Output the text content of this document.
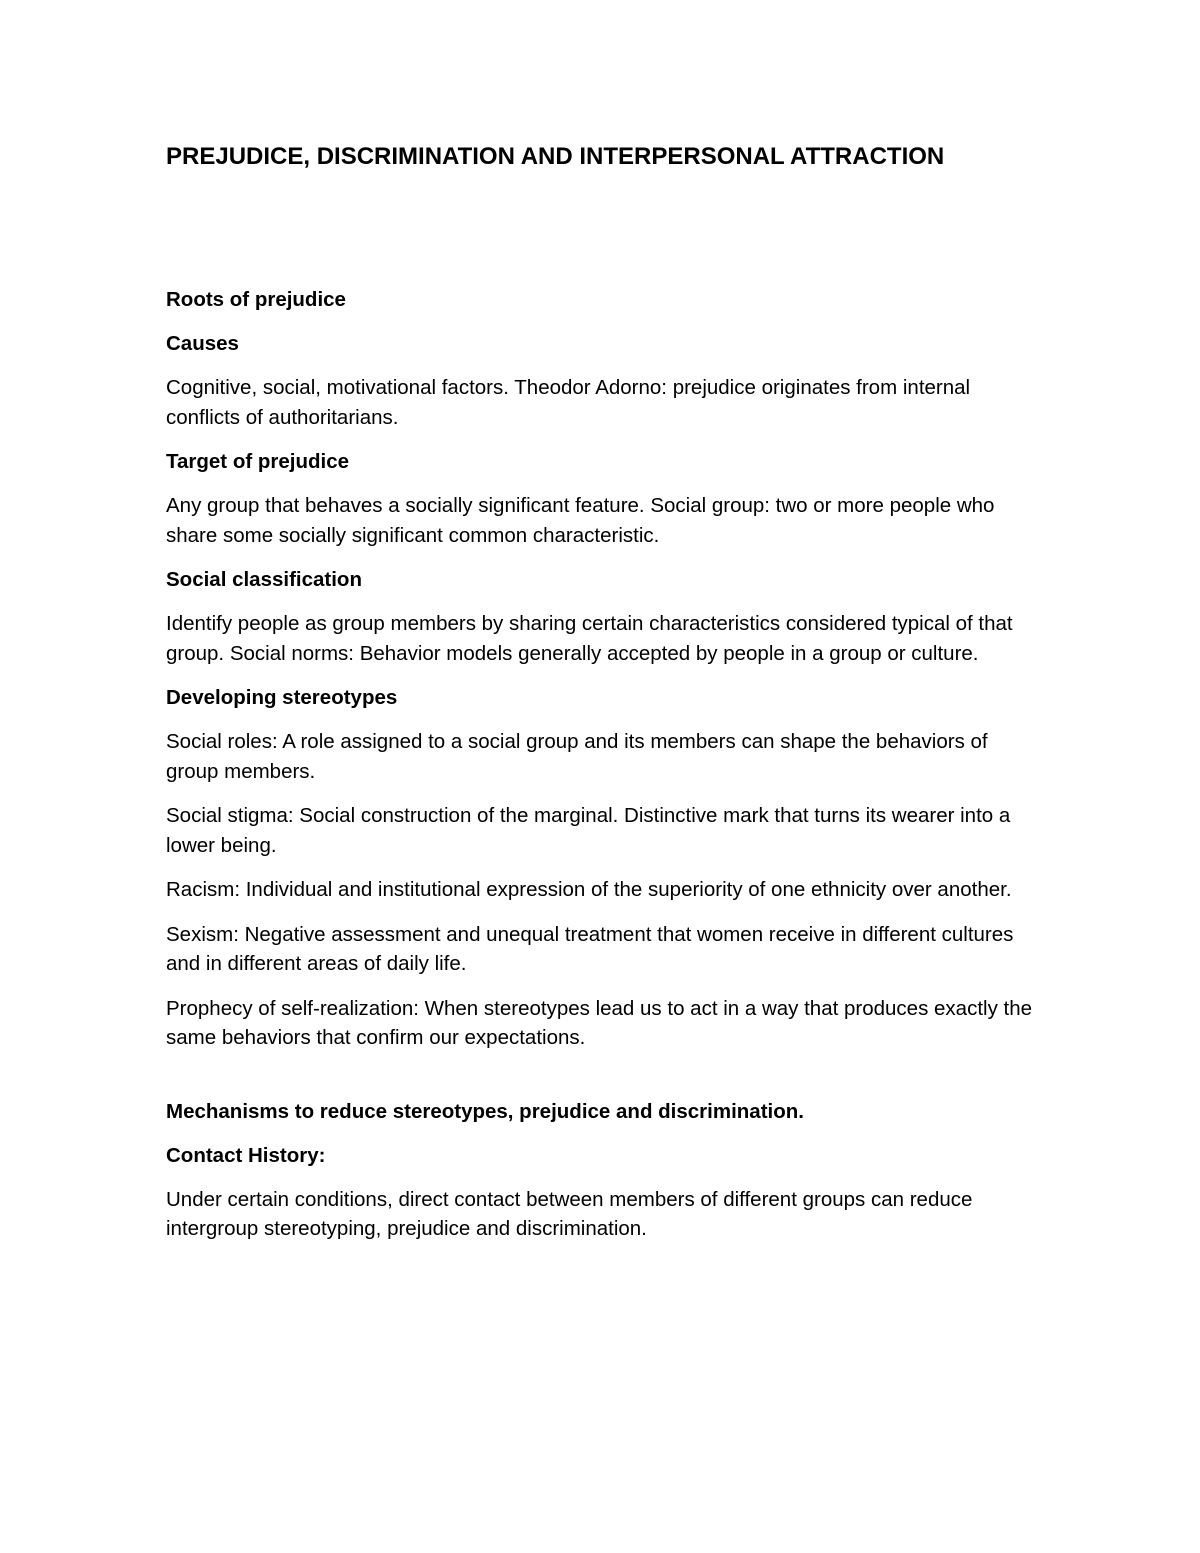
PREJUDICE, DISCRIMINATION AND INTERPERSONAL ATTRACTION

Roots of prejudice

Causes

Cognitive, social, motivational factors. Theodor Adorno: prejudice originates from internal conflicts of authoritarians.

Target of prejudice

Any group that behaves a socially significant feature. Social group: two or more people who share some socially significant common characteristic.

Social classification

Identify people as group members by sharing certain characteristics considered typical of that group. Social norms: Behavior models generally accepted by people in a group or culture.

Developing stereotypes

Social roles: A role assigned to a social group and its members can shape the behaviors of group members.

Social stigma: Social construction of the marginal. Distinctive mark that turns its wearer into a lower being.

Racism: Individual and institutional expression of the superiority of one ethnicity over another.

Sexism: Negative assessment and unequal treatment that women receive in different cultures and in different areas of daily life.

Prophecy of self-realization: When stereotypes lead us to act in a way that produces exactly the same behaviors that confirm our expectations.

Mechanisms to reduce stereotypes, prejudice and discrimination.

Contact History:

Under certain conditions, direct contact between members of different groups can reduce intergroup stereotyping, prejudice and discrimination.
